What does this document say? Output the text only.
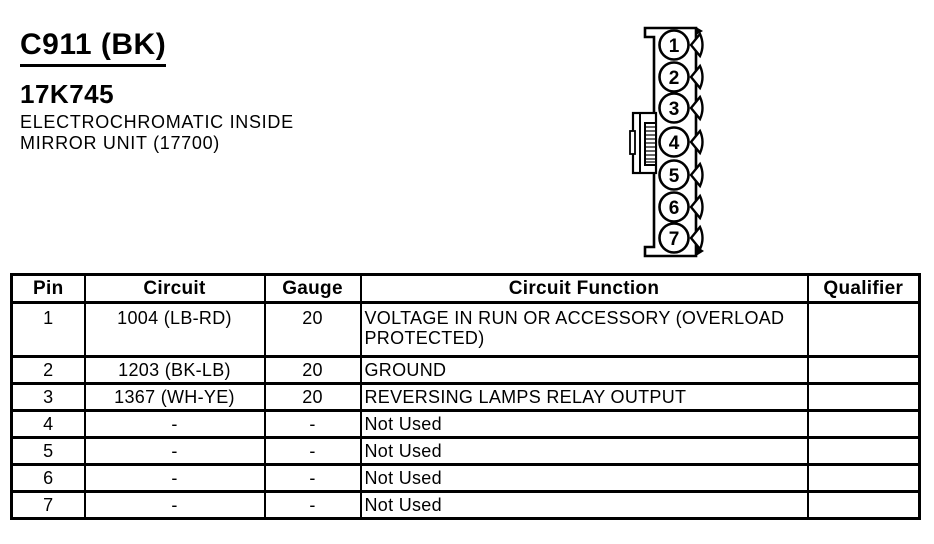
C911 (BK)
17K745
ELECTROCHROMATIC INSIDE
MIRROR UNIT (17700)
1
2
3
4
5
6
7
Pin	Circuit	Gauge	Circuit Function	Qualifier
1	1004 (LB-RD)	20	VOLTAGE IN RUN OR ACCESSORY (OVERLOAD PROTECTED)	
2	1203 (BK-LB)	20	GROUND	
3	1367 (WH-YE)	20	REVERSING LAMPS RELAY OUTPUT	
4	-	-	Not Used	
5	-	-	Not Used	
6	-	-	Not Used	
7	-	-	Not Used	
